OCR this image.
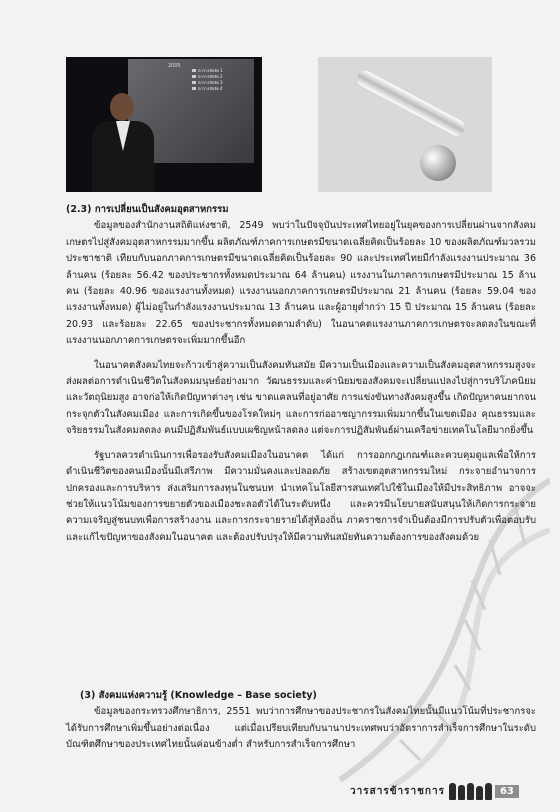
2005
ตารางปัจจัย 1
ตารางปัจจัย 2
ตารางปัจจัย 3
ตารางปัจจัย 4

(2.3) การเปลี่ยนเป็นสังคมอุตสาหกรรม

ข้อมูลของสำนักงานสถิติแห่งชาติ, 2549 พบว่าในปัจจุบันประเทศไทยอยู่ในยุคของการเปลี่ยนผ่านจากสังคมเกษตรไปสู่สังคมอุตสาหกรรมมากขึ้น ผลิตภัณฑ์ภาคการเกษตรมีขนาดเฉลี่ยคิดเป็นร้อยละ 10 ของผลิตภัณฑ์มวลรวมประชาชาติ เทียบกับนอกภาคการเกษตรมีขนาดเฉลี่ยคิดเป็นร้อยละ 90 และประเทศไทยมีกำลังแรงงานประมาณ 36 ล้านคน (ร้อยละ 56.42 ของประชากรทั้งหมดประมาณ 64 ล้านคน) แรงงานในภาคการเกษตรมีประมาณ 15 ล้านคน (ร้อยละ 40.96 ของแรงงานทั้งหมด) แรงงานนอกภาคการเกษตรมีประมาณ 21 ล้านคน (ร้อยละ 59.04 ของแรงงานทั้งหมด) ผู้ไม่อยู่ในกำลังแรงงานประมาณ 13 ล้านคน และผู้อายุต่ำกว่า 15 ปี ประมาณ 15 ล้านคน (ร้อยละ 20.93 และร้อยละ 22.65 ของประชากรทั้งหมดตามลำดับ) ในอนาคตแรงงานภาคการเกษตรจะลดลงในขณะที่แรงงานนอกภาคการเกษตรจะเพิ่มมากขึ้นอีก

ในอนาคตสังคมไทยจะก้าวเข้าสู่ความเป็นสังคมทันสมัย มีความเป็นเมืองและความเป็นสังคมอุตสาหกรรมสูงจะส่งผลต่อการดำเนินชีวิตในสังคมมนุษย์อย่างมาก วัฒนธรรมและค่านิยมของสังคมจะเปลี่ยนแปลงไปสู่การบริโภคนิยมและวัตถุนิยมสูง อาจก่อให้เกิดปัญหาต่างๆ เช่น ขาดแคลนที่อยู่อาศัย การแข่งขันทางสังคมสูงขึ้น เกิดปัญหาคนยากจนกระจุกตัวในสังคมเมือง และการเกิดขึ้นของโรคใหม่ๆ และการก่ออาชญากรรมเพิ่มมากขึ้นในเขตเมือง คุณธรรมและจริยธรรมในสังคมลดลง คนมีปฏิสัมพันธ์แบบเผชิญหน้าลดลง แต่จะการปฏิสัมพันธ์ผ่านเครือข่ายเทคโนโลยีมากยิ่งขึ้น

รัฐบาลควรดำเนินการเพื่อรองรับสังคมเมืองในอนาคต ได้แก่ การออกกฎเกณฑ์และควบคุมดูแลเพื่อให้การดำเนินชีวิตของคนเมืองนั้นมีเสรีภาพ มีความมั่นคงและปลอดภัย สร้างเขตอุตสาหกรรมใหม่ กระจายอำนาจการปกครองและการบริหาร ส่งเสริมการลงทุนในชนบท นำเทคโนโลยีสารสนเทศไปใช้ในเมืองให้มีประสิทธิภาพ อาจจะช่วยให้แนวโน้มของการขยายตัวของเมืองชะลอตัวได้ในระดับหนึ่ง และควรมีนโยบายสนับสนุนให้เกิดการกระจายความเจริญสู่ชนบทเพื่อการสร้างงาน และการกระจายรายได้สู่ท้องถิ่น ภาคราชการจำเป็นต้องมีการปรับตัวเพื่อตอบรับและแก้ไขปัญหาของสังคมในอนาคต และต้องปรับปรุงให้มีความทันสมัยทันความต้องการของสังคมด้วย

(3) สังคมแห่งความรู้ (Knowledge – Base society)

ข้อมูลของกระทรวงศึกษาธิการ, 2551 พบว่าการศึกษาของประชากรในสังคมไทยนั้นมีแนวโน้มที่ประชากรจะได้รับการศึกษาเพิ่มขึ้นอย่างต่อเนื่อง แต่เมื่อเปรียบเทียบกับนานาประเทศพบว่าอัตราการสำเร็จการศึกษาในระดับบัณฑิตศึกษาของประเทศไทยนั้นค่อนข้างต่ำ สำหรับการสำเร็จการศึกษา

วารสารข้าราชการ	63
